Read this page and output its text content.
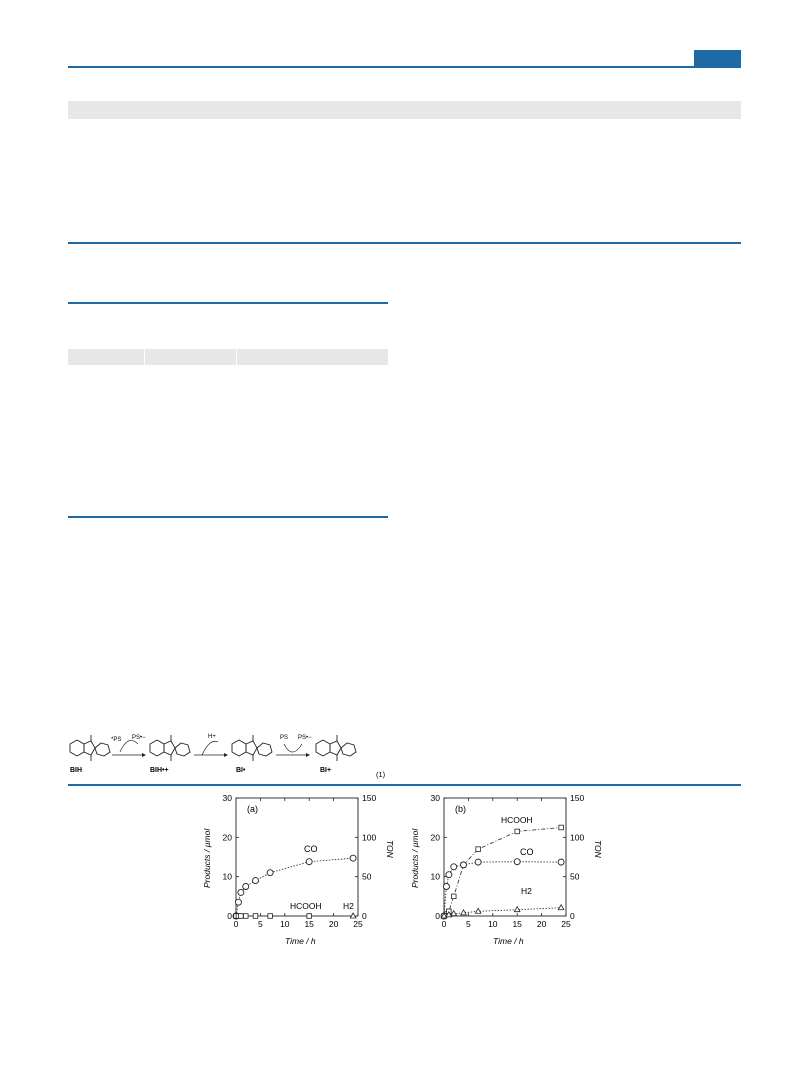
BIH
*PS PS•−
BIH•+
H+
BI•
PS PS•−
BI+	(1)
0 5 10 15 20 25
0
10
20
30
0
50
100
150
(a)
Time / h
Products / µmol	TON
CO
HCOOH	H2
0 5 10 15 20 25
0
10
20
30
0
50
100
150
(b)
Time / h
Products / µmol	TON
HCOOH
CO
H2
